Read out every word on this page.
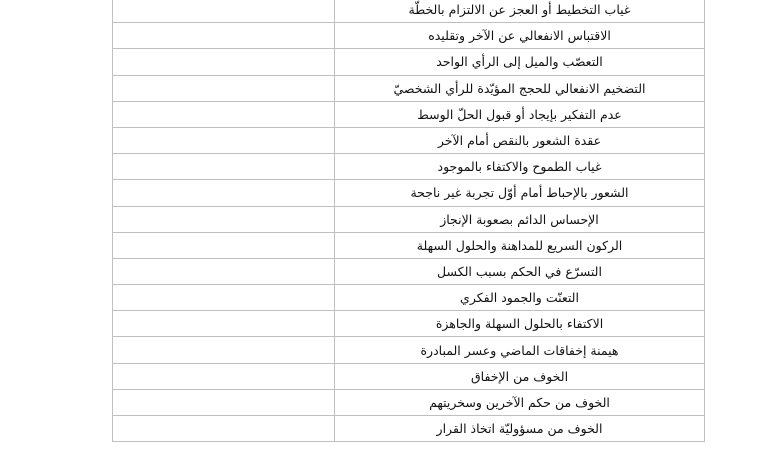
	غياب التخطيط أو العجز عن الالتزام بالخطّة
	الاقتباس الانفعالي عن الآخر وتقليده
	التعصّب والميل إلى الرأي الواحد
	التضخيم الانفعالي للحجج المؤيّدة للرأي الشخصيّ
	عدم التفكير بإيجاد أو قبول الحلّ الوسط
	عقدة الشعور بالنقص أمام الآخر
	غياب الطموح والاكتفاء بالموجود
	الشعور بالإحباط أمام أوّل تجربة غير ناجحة
	الإحساس الدائم بصعوبة الإنجاز
	الركون السريع للمداهنة والحلول السهلة
	التسرّع في الحكم بسبب الكسل
	التعنّت والجمود الفكري
	الاكتفاء بالحلول السهلة والجاهزة
	هيمنة إخفاقات الماضي وعسر المبادرة
	الخوف من الإخفاق
	الخوف من حكم الآخرين وسخريتهم
	الخوف من مسؤوليّة اتخاذ القرار
